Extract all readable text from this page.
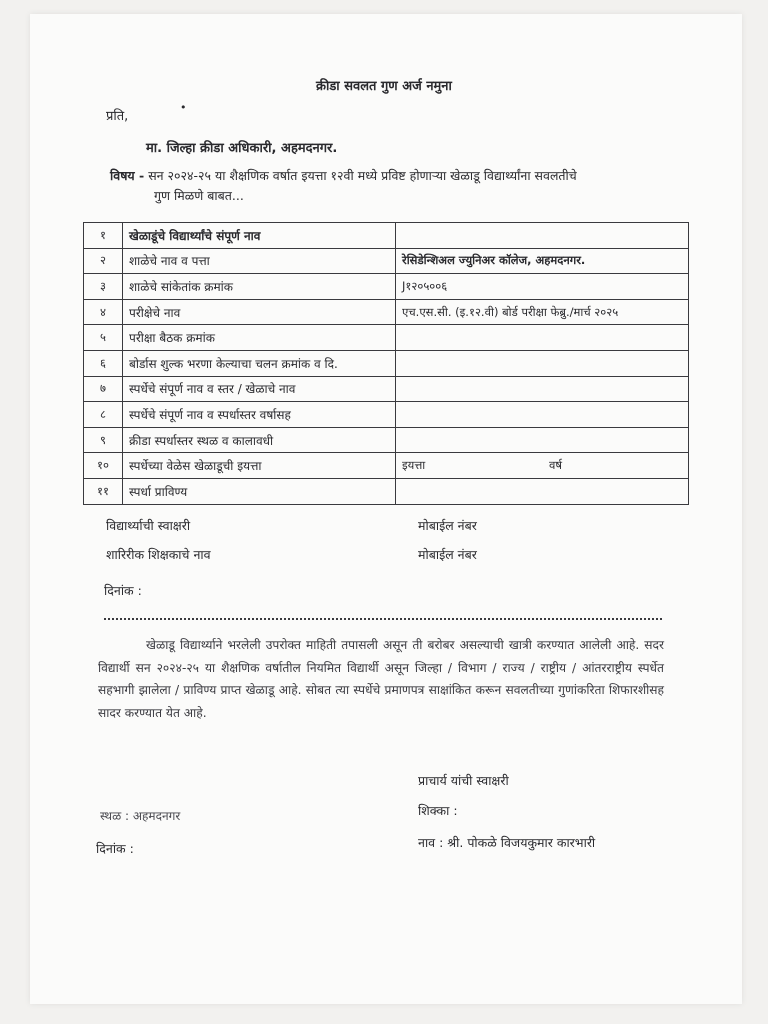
क्रीडा सवलत गुण अर्ज नमुना
प्रति,
•
मा. जिल्हा क्रीडा अधिकारी, अहमदनगर.
विषय - सन २०२४-२५ या शैक्षणिक वर्षात इयत्ता १२वी मध्ये प्रविष्ट होणाऱ्या खेळाडू विद्यार्थ्यांना सवलतीचे
गुण मिळणे बाबत...
१	खेळाडूंचे विद्यार्थ्यांचे संपूर्ण नाव	
२	शाळेचे नाव व पत्ता	रेसिडेन्शिअल ज्युनिअर कॉलेज, अहमदनगर.
३	शाळेचे सांकेतांक क्रमांक	J१२०५००६
४	परीक्षेचे नाव	एच.एस.सी. (इ.१२.वी) बोर्ड परीक्षा फेब्रु./मार्च २०२५
५	परीक्षा बैठक क्रमांक	
६	बोर्डास शुल्क भरणा केल्याचा चलन क्रमांक व दि.	
७	स्पर्धेचे संपूर्ण नाव व स्तर / खेळाचे नाव	
८	स्पर्धेचे संपूर्ण नाव व स्पर्धास्तर वर्षासह	
९	क्रीडा स्पर्धास्तर स्थळ व कालावधी	
१०	स्पर्धेच्या वेळेस खेळाडूची इयत्ता	इयत्ता वर्ष

११	स्पर्धा प्राविण्य	
विद्यार्थ्याची स्वाक्षरी	मोबाईल नंबर
शारिरीक शिक्षकाचे नाव	मोबाईल नंबर
दिनांक :
खेळाडू विद्यार्थ्याने भरलेली उपरोक्त माहिती तपासली असून ती बरोबर असल्याची खात्री करण्यात आलेली आहे. सदर विद्यार्थी सन २०२४-२५ या शैक्षणिक वर्षातील नियमित विद्यार्थी असून जिल्हा / विभाग / राज्य / राष्ट्रीय / आंतरराष्ट्रीय स्पर्धेत सहभागी झालेला / प्राविण्य प्राप्त खेळाडू आहे. सोबत त्या स्पर्धेचे प्रमाणपत्र साक्षांकित करून सवलतीच्या गुणांकरिता शिफारशीसह सादर करण्यात येत आहे.
प्राचार्य यांची स्वाक्षरी
शिक्का :
स्थळ : अहमदनगर
नाव : श्री. पोकळे विजयकुमार कारभारी
दिनांक :
